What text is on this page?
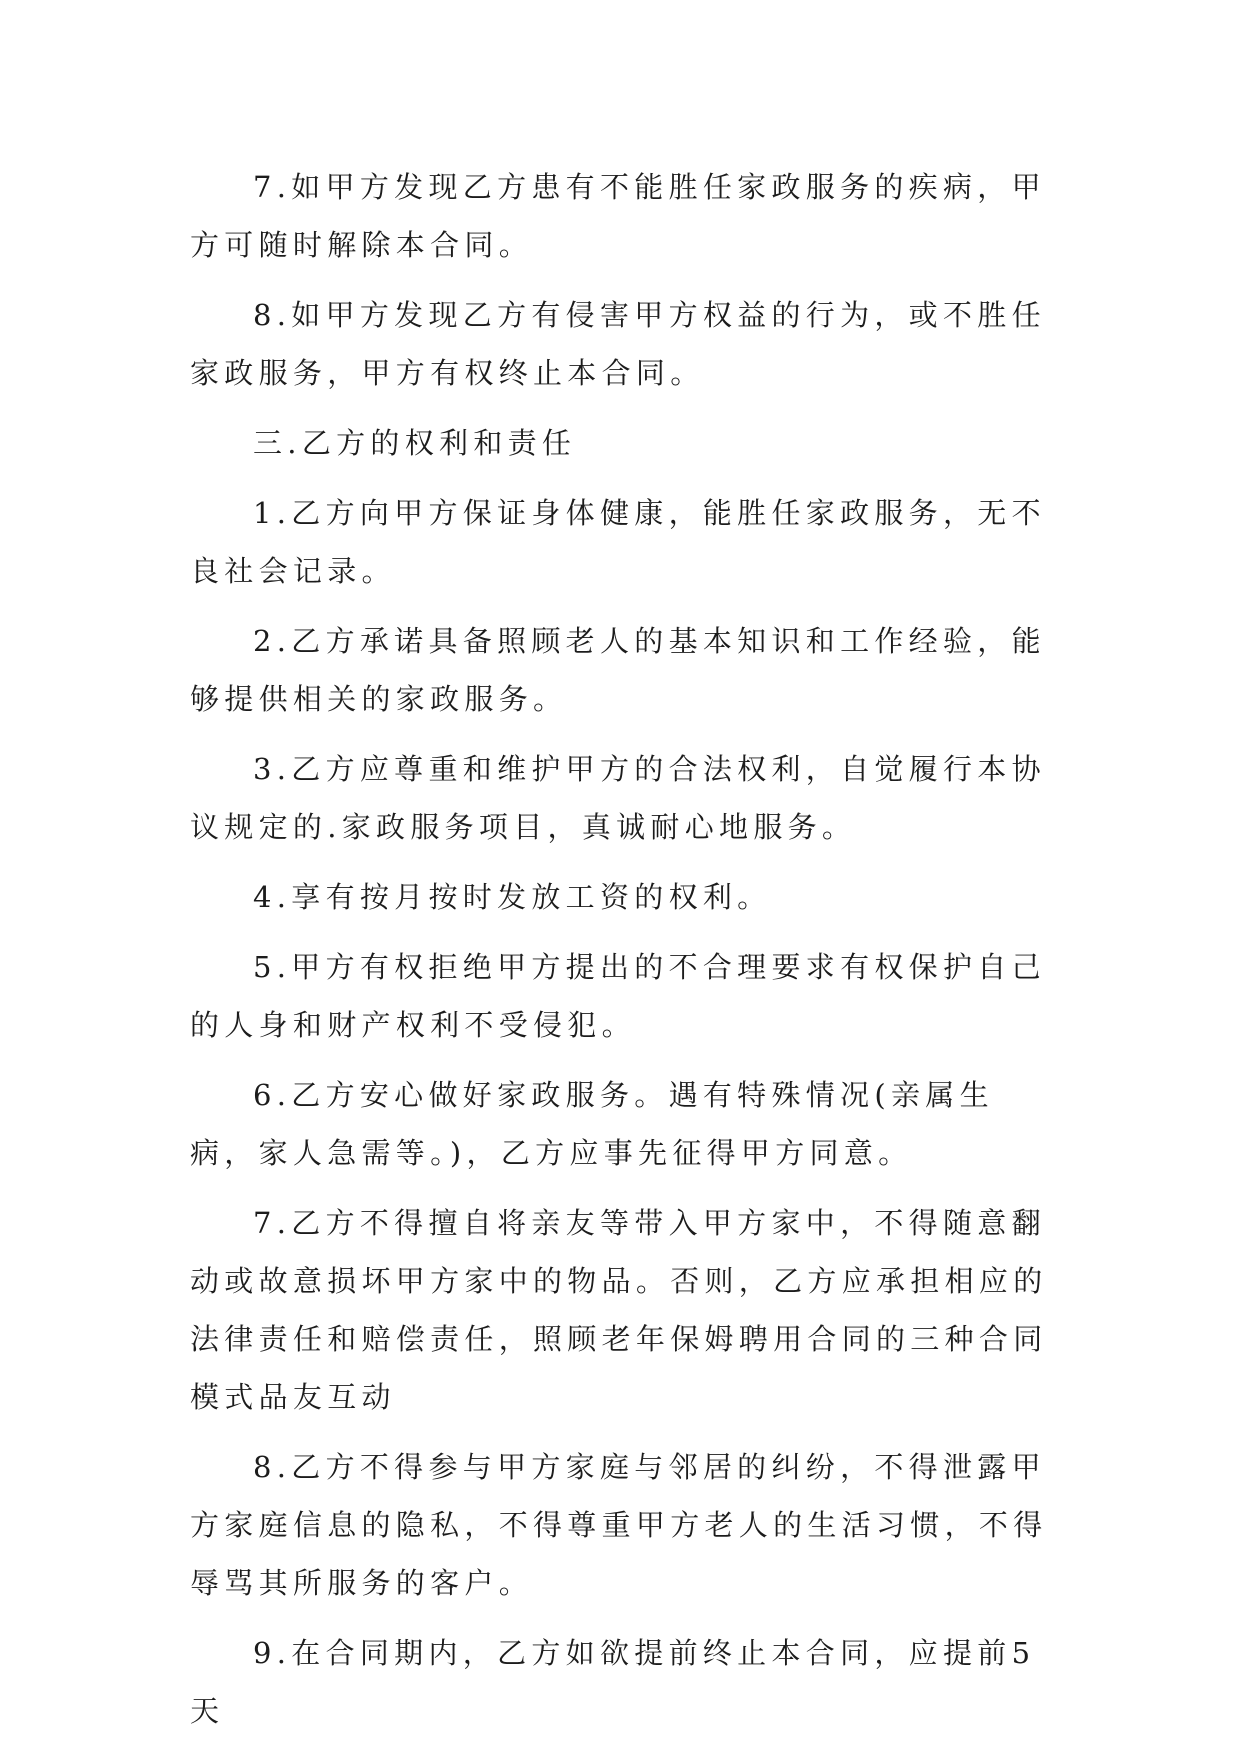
7.如甲方发现乙方患有不能胜任家政服务的疾病，甲方可随时解除本合同。

8.如甲方发现乙方有侵害甲方权益的行为，或不胜任家政服务，甲方有权终止本合同。

三.乙方的权利和责任

1.乙方向甲方保证身体健康，能胜任家政服务，无不良社会记录。

2.乙方承诺具备照顾老人的基本知识和工作经验，能够提供相关的家政服务。

3.乙方应尊重和维护甲方的合法权利，自觉履行本协议规定的.家政服务项目，真诚耐心地服务。

4.享有按月按时发放工资的权利。

5.甲方有权拒绝甲方提出的不合理要求有权保护自己的人身和财产权利不受侵犯。

6.乙方安心做好家政服务。遇有特殊情况(亲属生病，家人急需等。)，乙方应事先征得甲方同意。

7.乙方不得擅自将亲友等带入甲方家中，不得随意翻动或故意损坏甲方家中的物品。否则，乙方应承担相应的法律责任和赔偿责任，照顾老年保姆聘用合同的三种合同模式品友互动

8.乙方不得参与甲方家庭与邻居的纠纷，不得泄露甲方家庭信息的隐私，不得尊重甲方老人的生活习惯，不得辱骂其所服务的客户。

9.在合同期内，乙方如欲提前终止本合同，应提前5天
